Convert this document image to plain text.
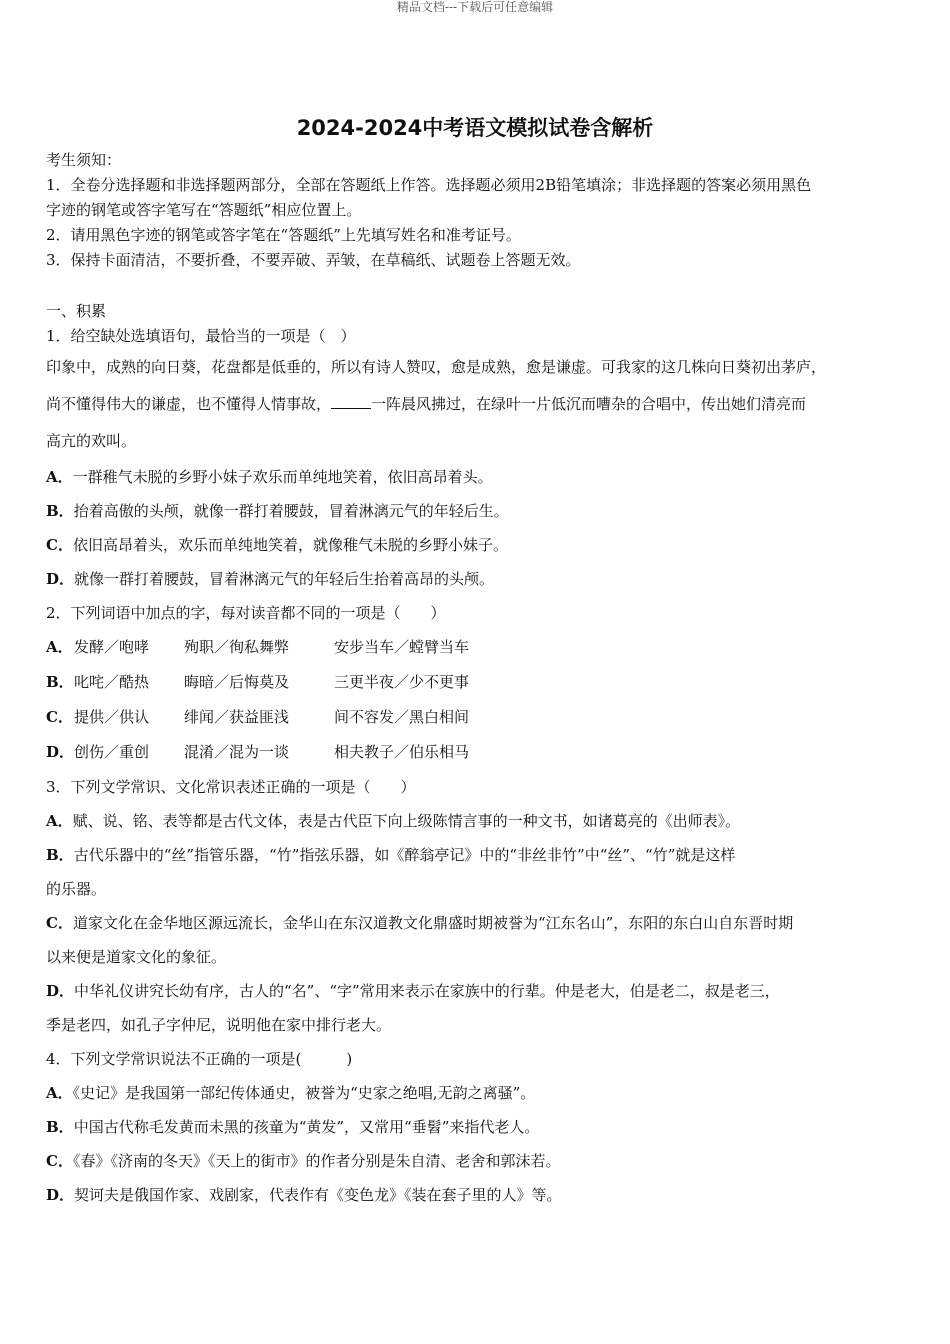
精品文档---下载后可任意编辑
2024-2024中考语文模拟试卷含解析
考生须知：
1．全卷分选择题和非选择题两部分，全部在答题纸上作答。选择题必须用2B铅笔填涂；非选择题的答案必须用黑色
字迹的钢笔或答字笔写在“答题纸”相应位置上。
2．请用黑色字迹的钢笔或答字笔在“答题纸”上先填写姓名和准考证号。
3．保持卡面清洁，不要折叠，不要弄破、弄皱，在草稿纸、试题卷上答题无效。
一、积累
1．给空缺处选填语句，最恰当的一项是（　）
印象中，成熟的向日葵，花盘都是低垂的，所以有诗人赞叹，愈是成熟，愈是谦虚。可我家的这几株向日葵初出茅庐，
尚不懂得伟大的谦虚，也不懂得人情事故，	一阵晨风拂过，在绿叶一片低沉而嘈杂的合唱中，传出她们清亮而
高亢的欢叫。
A．一群稚气未脱的乡野小妹子欢乐而单纯地笑着，依旧高昂着头。
B．抬着高傲的头颅，就像一群打着腰鼓，冒着淋漓元气的年轻后生。
C．依旧高昂着头，欢乐而单纯地笑着，就像稚气未脱的乡野小妹子。
D．就像一群打着腰鼓，冒着淋漓元气的年轻后生抬着高昂的头颅。
2．下列词语中加点的字，每对读音都不同的一项是（　　）
A． 发酵／咆哮	殉职／徇私舞弊	安步当车／螳臂当车
B． 叱咤／酷热	晦暗／后悔莫及	三更半夜／少不更事
C． 提供／供认	绯闻／获益匪浅	间不容发／黑白相间
D． 创伤／重创	混淆／混为一谈	相夫教子／伯乐相马
3．下列文学常识、文化常识表述正确的一项是（　　）
A．赋、说、铭、表等都是古代文体，表是古代臣下向上级陈情言事的一种文书，如诸葛亮的《出师表》。
B．古代乐器中的“丝”指管乐器，“竹”指弦乐器，如《醉翁亭记》中的“非丝非竹”中“丝”、“竹”就是这样
的乐器。
C．道家文化在金华地区源远流长，金华山在东汉道教文化鼎盛时期被誉为“江东名山”，东阳的东白山自东晋时期
以来便是道家文化的象征。
D．中华礼仪讲究长幼有序，古人的“名”、“字”常用来表示在家族中的行辈。仲是老大，伯是老二，叔是老三，
季是老四，如孔子字仲尼，说明他在家中排行老大。
4．下列文学常识说法不正确的一项是(　　　)
A．《史记》是我国第一部纪传体通史，被誉为“史家之绝唱,无韵之离骚”。
B．中国古代称毛发黄而未黑的孩童为“黄发”，又常用“垂髫”来指代老人。
C．《春》《济南的冬天》《天上的街市》的作者分别是朱自清、老舍和郭沫若。
D．契诃夫是俄国作家、戏剧家，代表作有《变色龙》《装在套子里的人》等。
